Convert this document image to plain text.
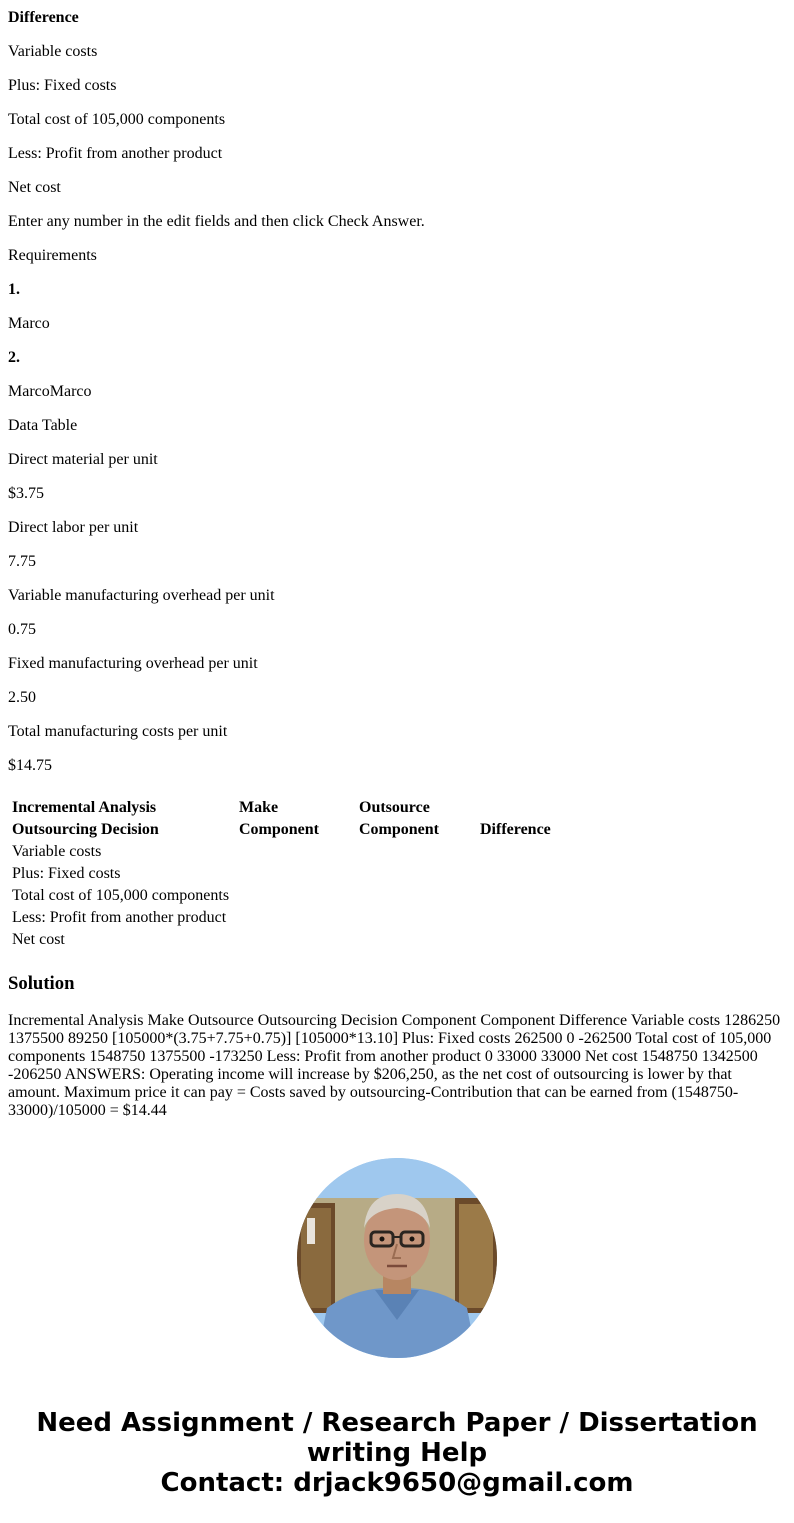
Difference

Variable costs

Plus: Fixed costs

Total cost of 105,000 components

Less: Profit from another product

Net cost

Enter any number in the edit fields and then click Check Answer.

Requirements

1.

Marco

2.

MarcoMarco

Data Table

Direct material per unit

$3.75

Direct labor per unit

7.75

Variable manufacturing overhead per unit

0.75

Fixed manufacturing overhead per unit

2.50

Total manufacturing costs per unit

$14.75

Incremental Analysis	Make	Outsource	
Outsourcing Decision	Component	Component	Difference
Variable costs			
Plus: Fixed costs			
Total cost of 105,000 components			
Less: Profit from another product			
Net cost			
Solution

Incremental Analysis Make Outsource Outsourcing Decision Component Component Difference Variable costs 1286250 1375500 89250 [105000*(3.75+7.75+0.75)] [105000*13.10] Plus: Fixed costs 262500 0 -262500 Total cost of 105,000 components 1548750 1375500 -173250 Less: Profit from another product 0 33000 33000 Net cost 1548750 1342500 -206250 ANSWERS: Operating income will increase by $206,250, as the net cost of outsourcing is lower by that amount. Maximum price it can pay = Costs saved by outsourcing-Contribution that can be earned from (1548750-33000)/105000 = $14.44

Need Assignment / Research Paper / Dissertation writing Help
Contact: drjack9650@gmail.com
